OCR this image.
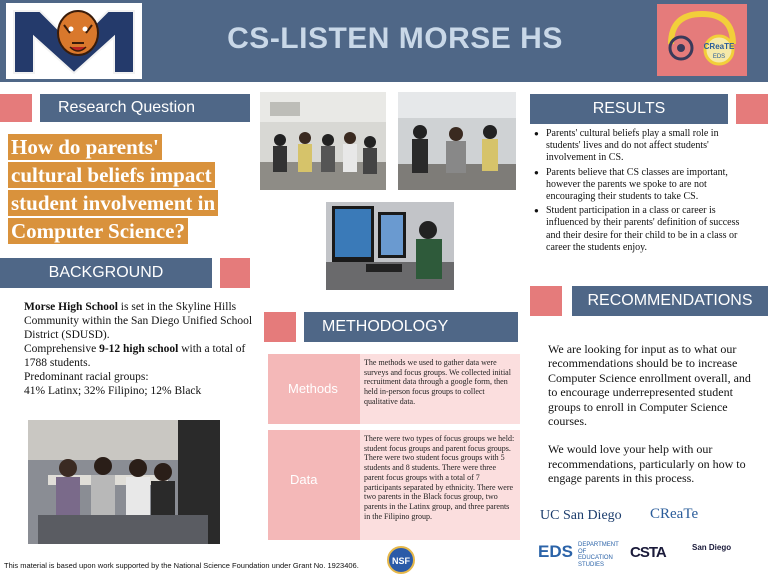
CS-LISTEN MORSE HS	CReaTE
EDS
Research Question
How do parents'
cultural beliefs impact
student involvement in
Computer Science?
BACKGROUND

Morse High School is set in the Skyline Hills Community within the San Diego Unified School District (SDUSD).

Comprehensive 9-12 high school with a total of 1788 students.

Predominant racial groups:

41% Latinx; 32% Filipino; 12% Black

METHODOLOGY
Methods
The methods we used to gather data were surveys and focus groups. We collected initial recruitment data through a google form, then held in-person focus groups to collect qualitative data.
Data
There were two types of focus groups we held: student focus groups and parent focus groups. There were two student focus groups with 5 students and 8 students. There were three parent focus groups with a total of 7 participants separated by ethnicity. There were two parents in the Black focus group, two parents in the Latinx group, and three parents in the Filipino group.
RESULTS
● Parents' cultural beliefs play a small role in students' lives and do not affect students' involvement in CS.
● Parents believe that CS classes are important, however the parents we spoke to are not encouraging their students to take CS.
● Student participation in a class or career is influenced by their parents' definition of success and their desire for their child to be in a class or career the students enjoy.
RECOMMENDATIONS

We are looking for input as to what our recommendations should be to increase Computer Science enrollment overall, and to encourage underrepresented student groups to enroll in Computer Science courses.

We would love your help with our recommendations, particularly on how to engage parents in this process.

UC San Diego CReaTe
EDS DEPARTMENT OF EDUCATION STUDIES
CSTA	San Diego
NSF
This material is based upon work supported by the National Science Foundation under Grant No. 1923406.
